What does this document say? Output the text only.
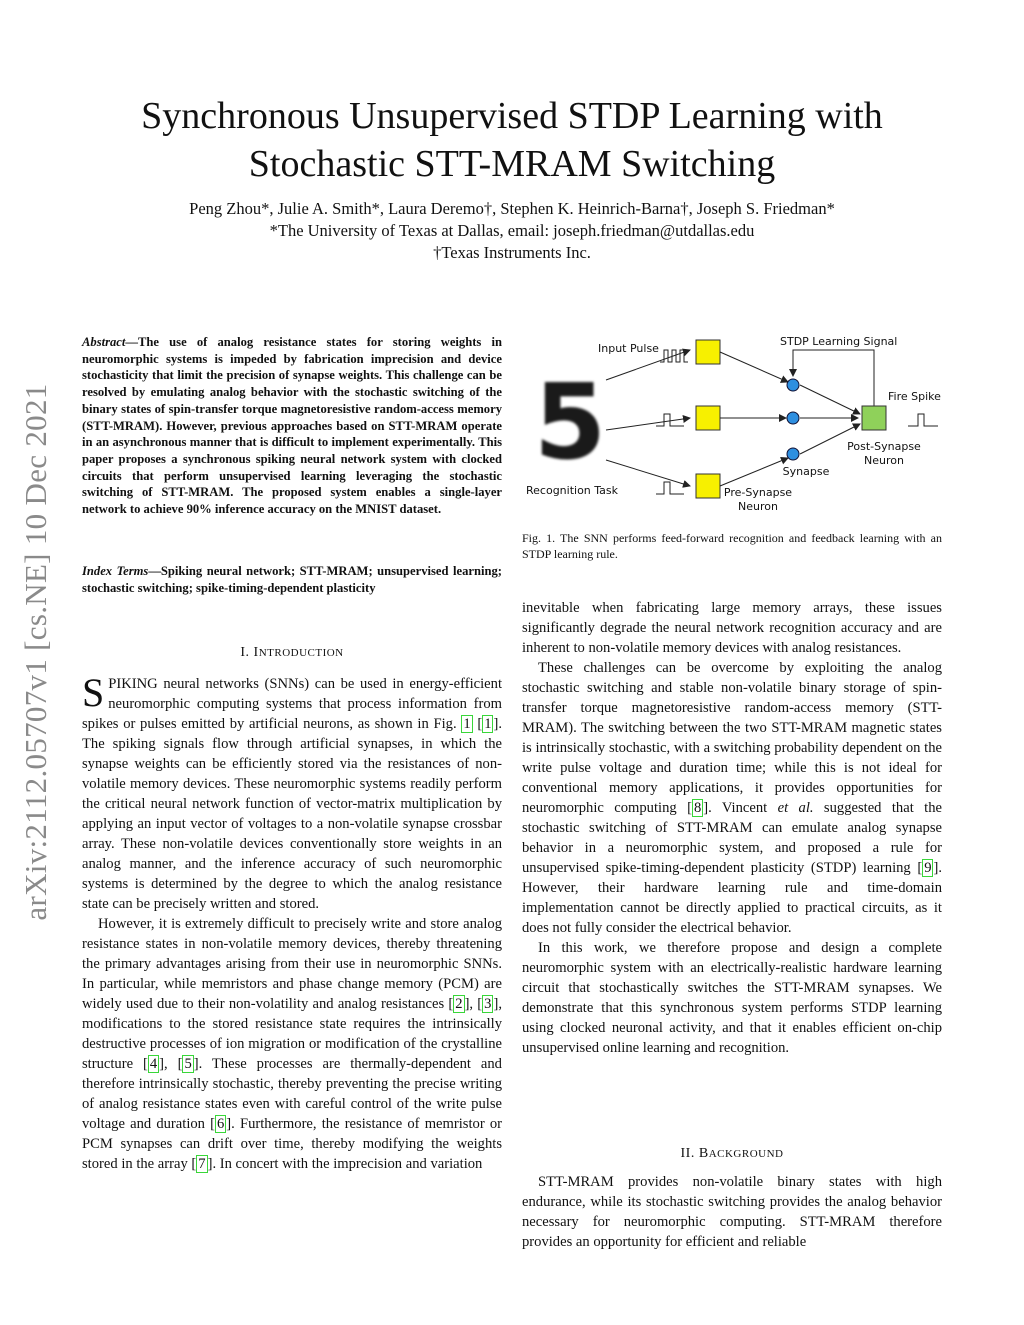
arXiv:2112.05707v1 [cs.NE] 10 Dec 2021
Synchronous Unsupervised STDP Learning with
Stochastic STT-MRAM Switching
Peng Zhou*, Julie A. Smith*, Laura Deremo†, Stephen K. Heinrich-Barna†, Joseph S. Friedman*
*The University of Texas at Dallas, email: joseph.friedman@utdallas.edu
†Texas Instruments Inc.
Abstract—The use of analog resistance states for storing weights in neuromorphic systems is impeded by fabrication imprecision and device stochasticity that limit the precision of synapse weights. This challenge can be resolved by emulating analog behavior with the stochastic switching of the binary states of spin-transfer torque magnetoresistive random-access memory (STT-MRAM). However, previous approaches based on STT-MRAM operate in an asynchronous manner that is difficult to implement experimentally. This paper proposes a synchronous spiking neural network system with clocked circuits that perform unsupervised learning leveraging the stochastic switching of STT-MRAM. The proposed system enables a single-layer network to achieve 90% inference accuracy on the MNIST dataset.
Index Terms—Spiking neural network; STT-MRAM; unsupervised learning; stochastic switching; spike-timing-dependent plasticity
I. INTRODUCTION

SPIKING neural networks (SNNs) can be used in energy-efficient neuromorphic computing systems that process information from spikes or pulses emitted by artificial neurons, as shown in Fig. 1 [ 1 ]. The spiking signals flow through artificial synapses, in which the synapse weights can be efficiently stored via the resistances of non-volatile memory devices. These neuromorphic systems readily perform the critical neural network function of vector-matrix multiplication by applying an input vector of voltages to a non-volatile synapse crossbar array. These non-volatile devices conventionally store weights in an analog manner, and the inference accuracy of such neuromorphic systems is determined by the degree to which the analog resistance state can be precisely written and stored.

However, it is extremely difficult to precisely write and store analog resistance states in non-volatile memory devices, thereby threatening the primary advantages arising from their use in neuromorphic SNNs. In particular, while memristors and phase change memory (PCM) are widely used due to their non-volatility and analog resistances [ 2 ], [ 3 ], modifications to the stored resistance state requires the intrinsically destructive processes of ion migration or modification of the crystalline structure [ 4 ], [ 5 ]. These processes are thermally-dependent and therefore intrinsically stochastic, thereby preventing the precise writing of analog resistance states even with careful control of the write pulse voltage and duration [ 6 ]. Furthermore, the resistance of memristor or PCM synapses can drift over time, thereby modifying the weights stored in the array [ 7 ]. In concert with the imprecision and variation

5
Input Pulse
STDP Learning Signal
Fire Spike
Post-Synapse
Neuron
Synapse
Recognition Task	Pre-Synapse
Neuron
Fig. 1. The SNN performs feed-forward recognition and feedback learning with an STDP learning rule.

inevitable when fabricating large memory arrays, these issues significantly degrade the neural network recognition accuracy and are inherent to non-volatile memory devices with analog resistances.

These challenges can be overcome by exploiting the analog stochastic switching and stable non-volatile binary storage of spin-transfer torque magnetoresistive random-access memory (STT-MRAM). The switching between the two STT-MRAM magnetic states is intrinsically stochastic, with a switching probability dependent on the write pulse voltage and duration time; while this is not ideal for conventional memory applications, it provides opportunities for neuromorphic computing [ 8 ]. Vincent et al. suggested that the stochastic switching of STT-MRAM can emulate analog synapse behavior in a neuromorphic system, and proposed a rule for unsupervised spike-timing-dependent plasticity (STDP) learning [ 9 ]. However, their hardware learning rule and time-domain implementation cannot be directly applied to practical circuits, as it does not fully consider the electrical behavior.

In this work, we therefore propose and design a complete neuromorphic system with an electrically-realistic hardware learning circuit that stochastically switches the STT-MRAM synapses. We demonstrate that this synchronous system performs STDP learning using clocked neuronal activity, and that it enables efficient on-chip unsupervised online learning and recognition.

II. BACKGROUND

STT-MRAM provides non-volatile binary states with high endurance, while its stochastic switching provides the analog behavior necessary for neuromorphic computing. STT-MRAM therefore provides an opportunity for efficient and reliable
